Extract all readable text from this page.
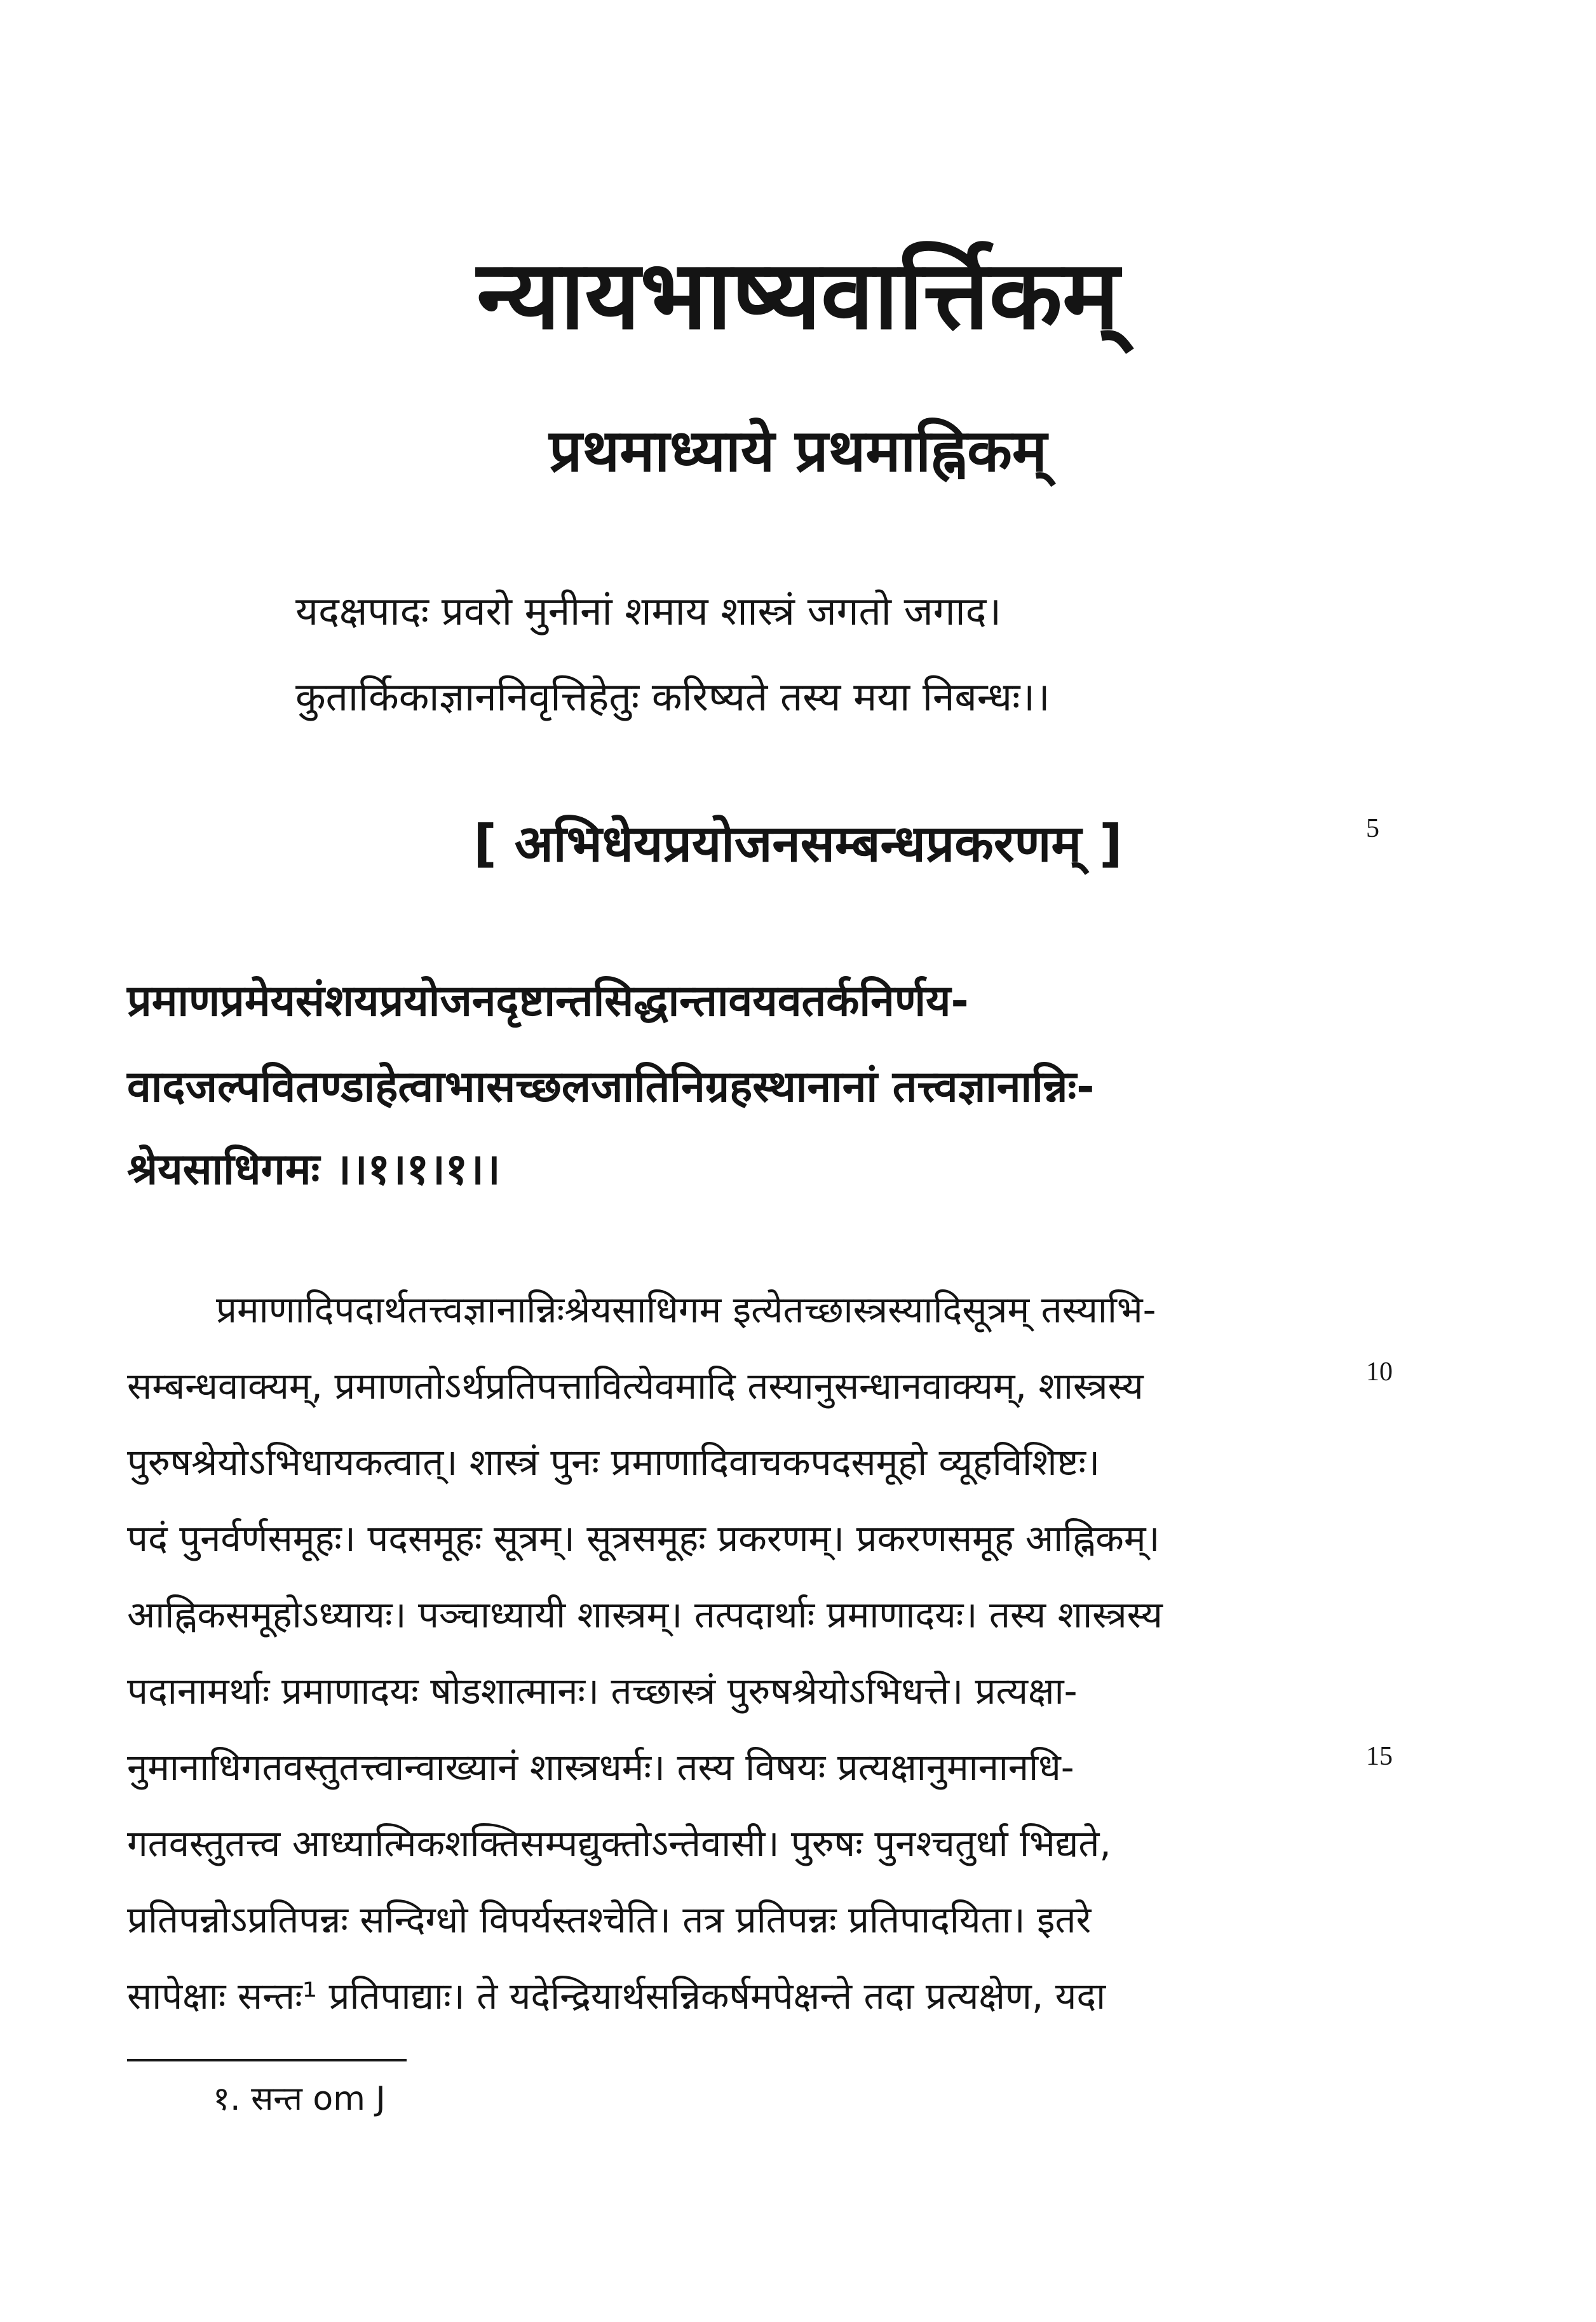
न्यायभाष्यवार्त्तिकम्
प्रथमाध्याये प्रथमाह्निकम्
यदक्षपादः प्रवरो मुनीनां शमाय शास्त्रं जगतो जगाद।
कुतार्किकाज्ञाननिवृत्तिहेतुः करिष्यते तस्य मया निबन्धः।।
[ अभिधेयप्रयोजनसम्बन्धप्रकरणम् ]	5
प्रमाणप्रमेयसंशयप्रयोजनदृष्टान्तसिद्धान्तावयवतर्कनिर्णय-
वादजल्पवितण्डाहेत्वाभासच्छलजातिनिग्रहस्थानानां तत्त्वज्ञानान्निः-
श्रेयसाधिगमः ।।१।१।१।।
प्रमाणादिपदार्थतत्त्वज्ञानान्निःश्रेयसाधिगम इत्येतच्छास्त्रस्यादिसूत्रम् तस्याभि-
सम्बन्धवाक्यम्, प्रमाणतोऽर्थप्रतिपत्तावित्येवमादि तस्यानुसन्धानवाक्यम्, शास्त्रस्य	10
पुरुषश्रेयोऽभिधायकत्वात्। शास्त्रं पुनः प्रमाणादिवाचकपदसमूहो व्यूहविशिष्टः।
पदं पुनर्वर्णसमूहः। पदसमूहः सूत्रम्। सूत्रसमूहः प्रकरणम्। प्रकरणसमूह आह्निकम्।
आह्निकसमूहोऽध्यायः। पञ्चाध्यायी शास्त्रम्। तत्पदार्थाः प्रमाणादयः। तस्य शास्त्रस्य
पदानामर्थाः प्रमाणादयः षोडशात्मानः। तच्छास्त्रं पुरुषश्रेयोऽभिधत्ते। प्रत्यक्षा-
नुमानाधिगतवस्तुतत्त्वान्वाख्यानं शास्त्रधर्मः। तस्य विषयः प्रत्यक्षानुमानानधि-	15
गतवस्तुतत्त्व आध्यात्मिकशक्तिसम्पद्युक्तोऽन्तेवासी। पुरुषः पुनश्चतुर्धा भिद्यते,
प्रतिपन्नोऽप्रतिपन्नः सन्दिग्धो विपर्यस्तश्चेति। तत्र प्रतिपन्नः प्रतिपादयिता। इतरे
सापेक्षाः सन्तः¹ प्रतिपाद्याः। ते यदेन्द्रियार्थसन्निकर्षमपेक्षन्ते तदा प्रत्यक्षेण, यदा
१. सन्त om J
